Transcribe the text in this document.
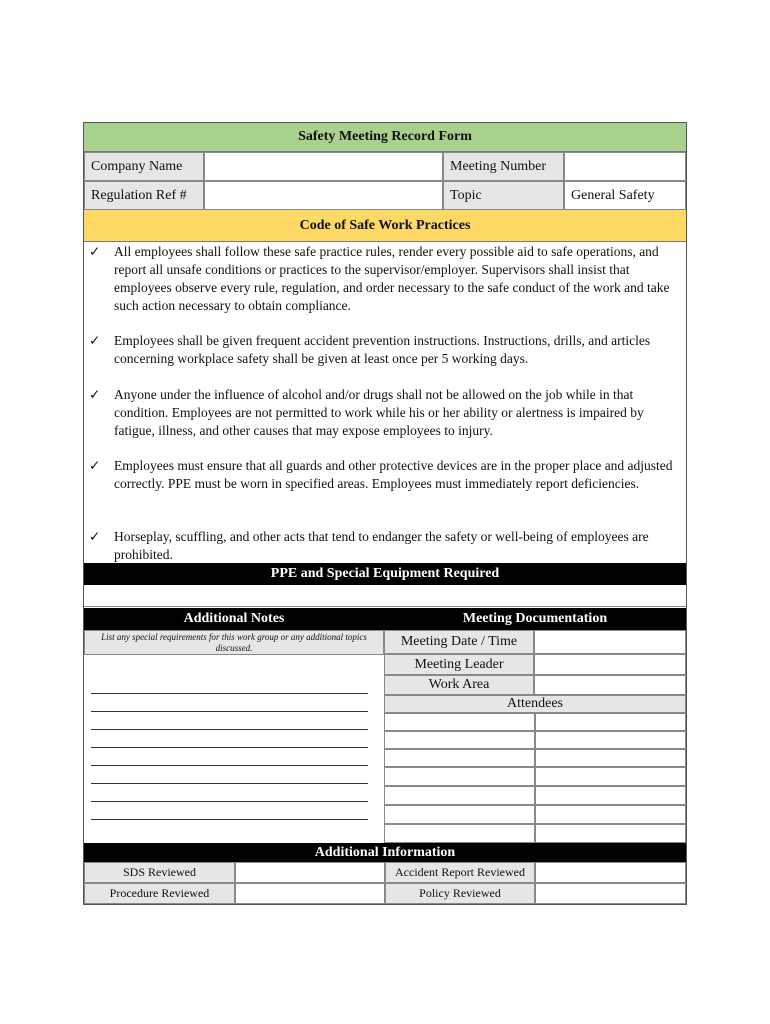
Safety Meeting Record Form
Company Name	Meeting Number
Regulation Ref #	Topic	General Safety
Code of Safe Work Practices
✓	All employees shall follow these safe practice rules, render every possible aid to safe operations, and report all unsafe conditions or practices to the supervisor/employer. Supervisors shall insist that employees observe every rule, regulation, and order necessary to the safe conduct of the work and take such action necessary to obtain compliance.
✓	Employees shall be given frequent accident prevention instructions. Instructions, drills, and articles concerning workplace safety shall be given at least once per 5 working days.
✓	Anyone under the influence of alcohol and/or drugs shall not be allowed on the job while in that condition. Employees are not permitted to work while his or her ability or alertness is impaired by fatigue, illness, and other causes that may expose employees to injury.
✓	Employees must ensure that all guards and other protective devices are in the proper place and adjusted correctly. PPE must be worn in specified areas. Employees must immediately report deficiencies.
✓	Horseplay, scuffling, and other acts that tend to endanger the safety or well-being of employees are prohibited.
PPE and Special Equipment Required
Additional Notes	Meeting Documentation
List any special requirements for this work group or any additional topics discussed.	Meeting Date / Time
Meeting Leader
Work Area
Attendees
Additional Information
SDS Reviewed	Accident Report Reviewed
Procedure Reviewed	Policy Reviewed
